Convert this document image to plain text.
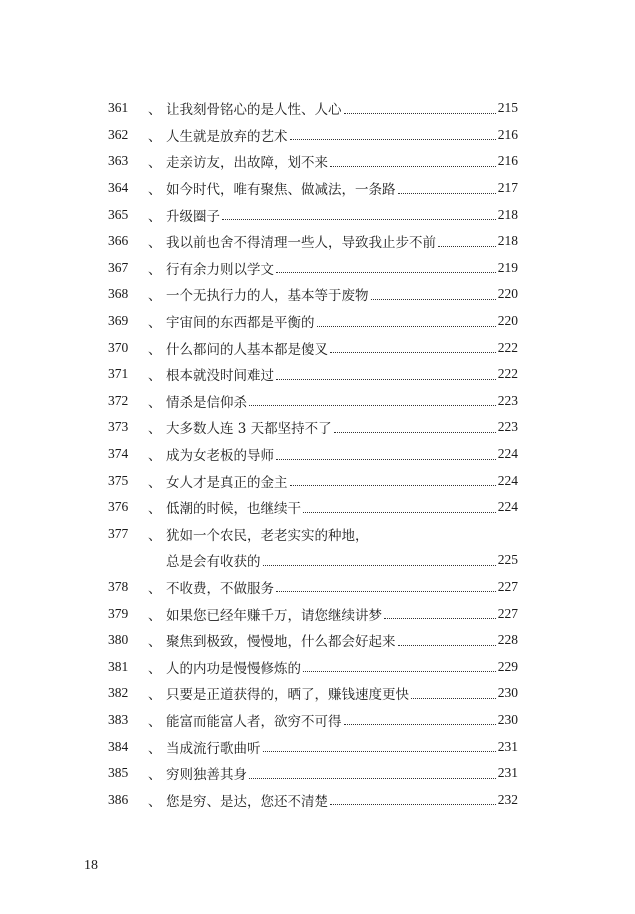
361	、 让我刻骨铭心的是人性、人心	215
362	、 人生就是放弃的艺术	216
363	、 走亲访友，出故障，划不来	216
364	、 如今时代，唯有聚焦、做减法，一条路	217
365	、 升级圈子	218
366	、 我以前也舍不得清理一些人，导致我止步不前	218
367	、 行有余力则以学文	219
368	、 一个无执行力的人，基本等于废物	220
369	、 宇宙间的东西都是平衡的	220
370	、 什么都问的人基本都是傻叉	222
371	、 根本就没时间难过	222
372	、 情杀是信仰杀	223
373	、 大多数人连 3 天都坚持不了	223
374	、 成为女老板的导师	224
375	、 女人才是真正的金主	224
376	、 低潮的时候，也继续干	224
377	、 犹如一个农民，老老实实的种地，
总是会有收获的	225
378	、 不收费，不做服务	227
379	、 如果您已经年赚千万，请您继续讲梦	227
380	、 聚焦到极致，慢慢地，什么都会好起来	228
381	、 人的内功是慢慢修炼的	229
382	、 只要是正道获得的，晒了，赚钱速度更快	230
383	、 能富而能富人者，欲穷不可得	230
384	、 当成流行歌曲听	231
385	、 穷则独善其身	231
386	、 您是穷、是达，您还不清楚	232
18
